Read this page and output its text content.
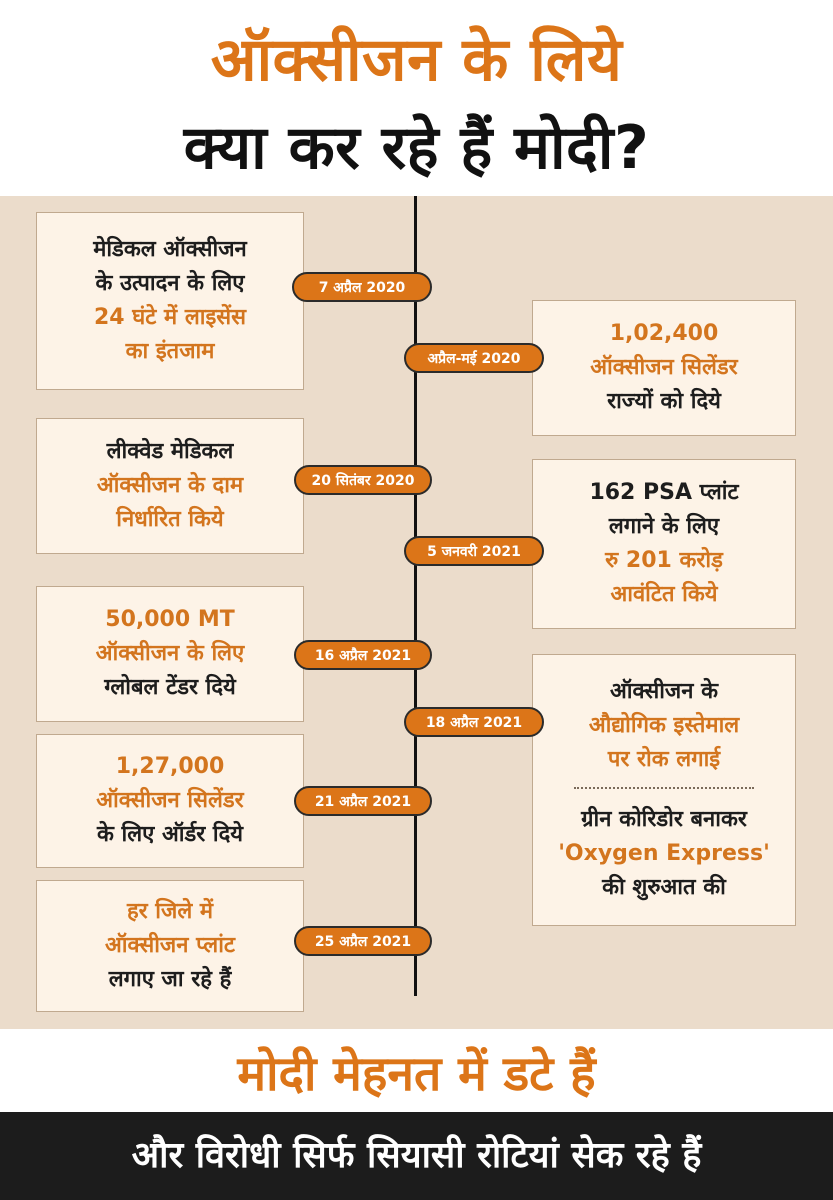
ऑक्सीजन के लिये
क्या कर रहे हैं मोदी?
मेडिकल ऑक्सीजन
के उत्पादन के लिए
24 घंटे में लाइसेंस
का इंतजाम
7 अप्रैल 2020
1,02,400
ऑक्सीजन सिलेंडर
राज्यों को दिये
अप्रैल-मई 2020
लीक्वेड मेडिकल
ऑक्सीजन के दाम
निर्धारित किये
20 सितंबर 2020	162 PSA प्लांट
लगाने के लिए
रु 201 करोड़
आवंटित किये
5 जनवरी 2021
50,000 MT
ऑक्सीजन के लिए
ग्लोबल टेंडर दिये
16 अप्रैल 2021
ऑक्सीजन के
औद्योगिक इस्तेमाल
पर रोक लगाई
ग्रीन कोरिडोर बनाकर
'Oxygen Express'
की शुरुआत की
18 अप्रैल 2021
1,27,000
ऑक्सीजन सिलेंडर
के लिए ऑर्डर दिये
21 अप्रैल 2021
हर जिले में
ऑक्सीजन प्लांट
लगाए जा रहे हैं
25 अप्रैल 2021
मोदी मेहनत में डटे हैं
और विरोधी सिर्फ सियासी रोटियां सेक रहे हैं
